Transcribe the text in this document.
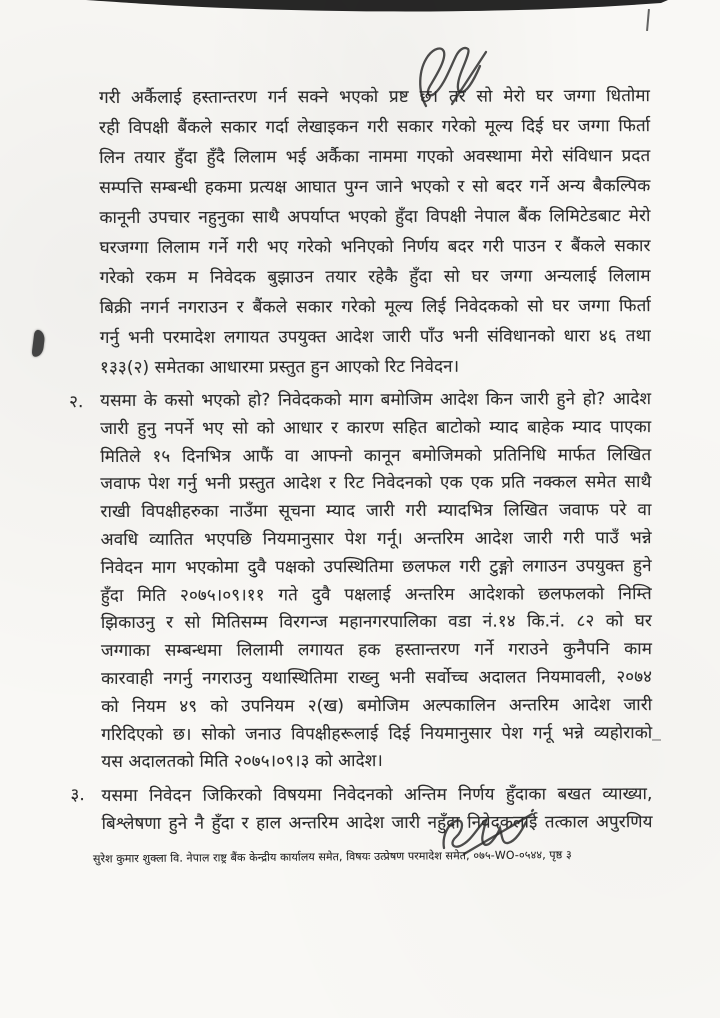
गरी अर्कैलाई हस्तान्तरण गर्न सक्ने भएको प्रष्ट छ। तर सो मेरो घर जग्गा धितोमा
रही विपक्षी बैंकले सकार गर्दा लेखाइकन गरी सकार गरेको मूल्य दिई घर जग्गा फिर्ता
लिन तयार हुँदा हुँदै लिलाम भई अर्कैका नाममा गएको अवस्थामा मेरो संविधान प्रदत
सम्पत्ति सम्बन्धी हकमा प्रत्यक्ष आघात पुग्न जाने भएको र सो बदर गर्ने अन्य बैकल्पिक
कानूनी उपचार नहुनुका साथै अपर्याप्त भएको हुँदा विपक्षी नेपाल बैंक लिमिटेडबाट मेरो
घरजग्गा लिलाम गर्ने गरी भए गरेको भनिएको निर्णय बदर गरी पाउन र बैंकले सकार
गरेको रकम म निवेदक बुझाउन तयार रहेकै हुँदा सो घर जग्गा अन्यलाई लिलाम
बिक्री नगर्न नगराउन र बैंकले सकार गरेको मूल्य लिई निवेदकको सो घर जग्गा फिर्ता
गर्नु भनी परमादेश लगायत उपयुक्त आदेश जारी पाँउ भनी संविधानको धारा ४६ तथा
१३३(२) समेतका आधारमा प्रस्तुत हुन आएको रिट निवेदन।
२. यसमा के कसो भएको हो? निवेदकको माग बमोजिम आदेश किन जारी हुने हो? आदेश
जारी हुनु नपर्ने भए सो को आधार र कारण सहित बाटोको म्याद बाहेक म्याद पाएका
मितिले १५ दिनभित्र आफैं वा आफ्नो कानून बमोजिमको प्रतिनिधि मार्फत लिखित
जवाफ पेश गर्नु भनी प्रस्तुत आदेश र रिट निवेदनको एक एक प्रति नक्कल समेत साथै
राखी विपक्षीहरुका नाउँमा सूचना म्याद जारी गरी म्यादभित्र लिखित जवाफ परे वा
अवधि व्यातित भएपछि नियमानुसार पेश गर्नू। अन्तरिम आदेश जारी गरी पाउँ भन्ने
निवेदन माग भएकोमा दुवै पक्षको उपस्थितिमा छलफल गरी टुङ्गो लगाउन उपयुक्त हुने
हुँदा मिति २०७५।०९।११ गते दुवै पक्षलाई अन्तरिम आदेशको छलफलको निम्ति
झिकाउनु र सो मितिसम्म विरगन्ज महानगरपालिका वडा नं.१४ कि.नं. ८२ को घर
जग्गाका सम्बन्धमा लिलामी लगायत हक हस्तान्तरण गर्ने गराउने कुनैपनि काम
कारवाही नगर्नु नगराउनु यथास्थितिमा राख्नु भनी सर्वोच्च अदालत नियमावली, २०७४
को नियम ४९ को उपनियम २(ख) बमोजिम अल्पकालिन अन्तरिम आदेश जारी
गरिदिएको छ। सोको जनाउ विपक्षीहरूलाई दिई नियमानुसार पेश गर्नू भन्ने व्यहोराको
यस अदालतको मिति २०७५।०९।३ को आदेश।
३. यसमा निवेदन जिकिरको विषयमा निवेदनको अन्तिम निर्णय हुँदाका बखत व्याख्या,
बिश्लेषणा हुने नै हुँदा र हाल अन्तरिम आदेश जारी नहुँदा निवेदकलाई तत्काल अपुरणिय
सुरेश कुमार शुक्ला वि. नेपाल राष्ट्र बैंक केन्द्रीय कार्यालय समेत, विषयः उत्प्रेषण परमादेश समेत, ०७५-WO-०५४४, पृष्ठ ३
